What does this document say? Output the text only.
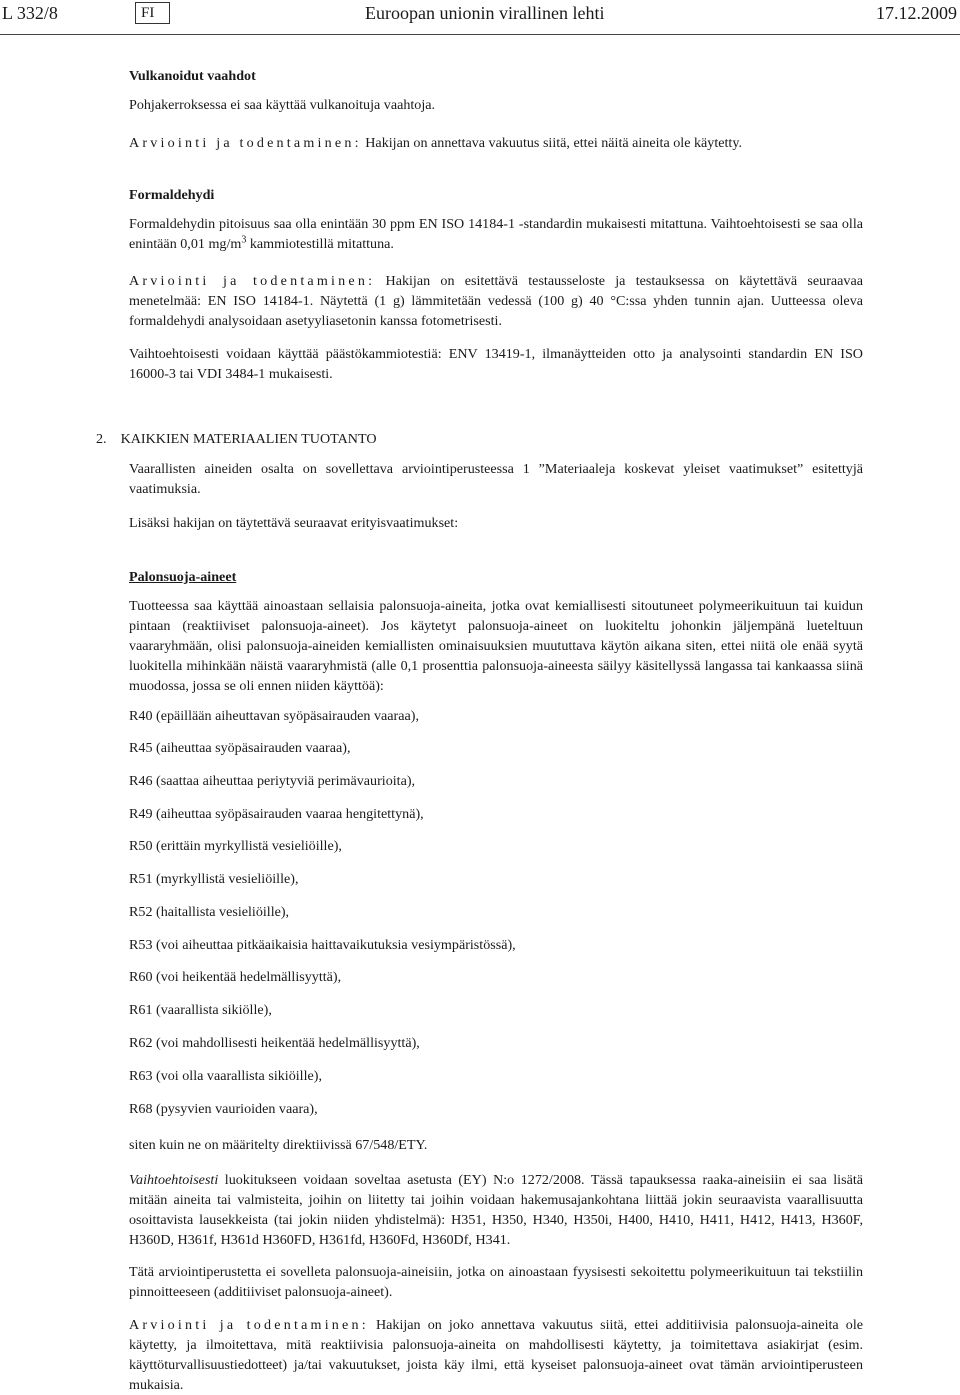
L 332/8	FI	Euroopan unionin virallinen lehti	17.12.2009

Vulkanoidut vaahdot

Pohjakerroksessa ei saa käyttää vulkanoituja vaahtoja.

Arviointi ja todentaminen: Hakijan on annettava vakuutus siitä, ettei näitä aineita ole käytetty.

Formaldehydi

Formaldehydin pitoisuus saa olla enintään 30 ppm EN ISO 14184-1 -standardin mukaisesti mitattuna. Vaihtoehtoisesti se saa olla enintään 0,01 $mg/m^3$ kammiotestillä mitattuna.

Arviointi ja todentaminen: Hakijan on esitettävä testausseloste ja testauksessa on käytettävä seuraavaa menetelmää: EN ISO 14184-1. Näytettä (1 g) lämmitetään vedessä (100 g) 40 °C:ssa yhden tunnin ajan. Uutteessa oleva formaldehydi analysoidaan asetyyliasetonin kanssa fotometrisesti.

Vaihtoehtoisesti voidaan käyttää päästökammiotestiä: ENV 13419-1, ilmanäytteiden otto ja analysointi standardin EN ISO 16000-3 tai VDI 3484-1 mukaisesti.

2. KAIKKIEN MATERIAALIEN TUOTANTO

Vaarallisten aineiden osalta on sovellettava arviointiperusteessa 1 ”Materiaaleja koskevat yleiset vaatimukset” esitettyjä vaatimuksia.

Lisäksi hakijan on täytettävä seuraavat erityisvaatimukset:

Palonsuoja-aineet

Tuotteessa saa käyttää ainoastaan sellaisia palonsuoja-aineita, jotka ovat kemiallisesti sitoutuneet polymeerikuituun tai kuidun pintaan (reaktiiviset palonsuoja-aineet). Jos käytetyt palonsuoja-aineet on luokiteltu johonkin jäljempänä lueteltuun vaararyhmään, olisi palonsuoja-aineiden kemiallisten ominaisuuksien muututtava käytön aikana siten, ettei niitä ole enää syytä luokitella mihinkään näistä vaararyhmistä (alle 0,1 prosenttia palonsuoja-aineesta säilyy käsitellyssä langassa tai kankaassa siinä muodossa, jossa se oli ennen niiden käyttöä):

R40 (epäillään aiheuttavan syöpäsairauden vaaraa),

R45 (aiheuttaa syöpäsairauden vaaraa),

R46 (saattaa aiheuttaa periytyviä perimävaurioita),

R49 (aiheuttaa syöpäsairauden vaaraa hengitettynä),

R50 (erittäin myrkyllistä vesieliöille),

R51 (myrkyllistä vesieliöille),

R52 (haitallista vesieliöille),

R53 (voi aiheuttaa pitkäaikaisia haittavaikutuksia vesiympäristössä),

R60 (voi heikentää hedelmällisyyttä),

R61 (vaarallista sikiölle),

R62 (voi mahdollisesti heikentää hedelmällisyyttä),

R63 (voi olla vaarallista sikiöille),

R68 (pysyvien vaurioiden vaara),

siten kuin ne on määritelty direktiivissä 67/548/ETY.

Vaihtoehtoisesti luokitukseen voidaan soveltaa asetusta (EY) N:o 1272/2008. Tässä tapauksessa raaka-aineisiin ei saa lisätä mitään aineita tai valmisteita, joihin on liitetty tai joihin voidaan hakemusajankohtana liittää jokin seuraavista vaarallisuutta osoittavista lausekkeista (tai jokin niiden yhdistelmä): H351, H350, H340, H350i, H400, H410, H411, H412, H413, H360F, H360D, H361f, H361d H360FD, H361fd, H360Fd, H360Df, H341.

Tätä arviointiperustetta ei sovelleta palonsuoja-aineisiin, jotka on ainoastaan fyysisesti sekoitettu polymeerikuituun tai tekstiilin pinnoitteeseen (additiiviset palonsuoja-aineet).

Arviointi ja todentaminen: Hakijan on joko annettava vakuutus siitä, ettei additiivisia palonsuoja-aineita ole käytetty, ja ilmoitettava, mitä reaktiivisia palonsuoja-aineita on mahdollisesti käytetty, ja toimitettava asiakirjat (esim. käyttöturvallisuustiedotteet) ja/tai vakuutukset, joista käy ilmi, että kyseiset palonsuoja-aineet ovat tämän arviointiperusteen mukaisia.
